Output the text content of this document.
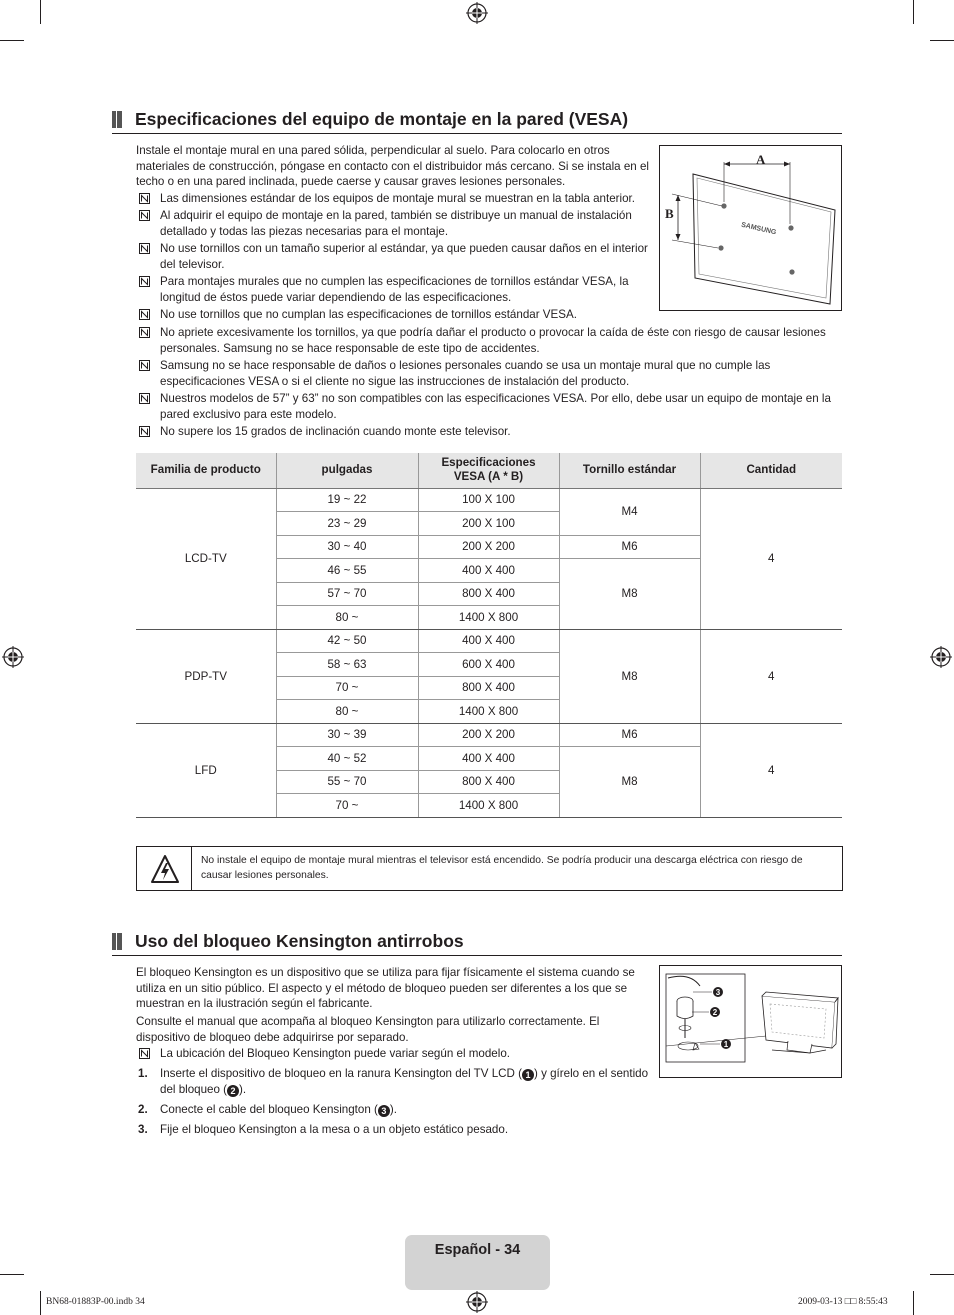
Especificaciones del equipo de montaje en la pared (VESA)
Instale el montaje mural en una pared sólida, perpendicular al suelo. Para colocarlo en otros materiales de construcción, póngase en contacto con el distribuidor más cercano. Si se instala en el techo o en una pared inclinada, puede caerse y causar graves lesiones personales.
Las dimensiones estándar de los equipos de montaje mural se muestran en la tabla anterior.
Al adquirir el equipo de montaje en la pared, también se distribuye un manual de instalación detallado y todas las piezas necesarias para el montaje.
No use tornillos con un tamaño superior al estándar, ya que pueden causar daños en el interior del televisor.
Para montajes murales que no cumplen las especificaciones de tornillos estándar VESA, la longitud de éstos puede variar dependiendo de las especificaciones.
No use tornillos que no cumplan las especificaciones de tornillos estándar VESA.
No apriete excesivamente los tornillos, ya que podría dañar el producto o provocar la caída de éste con riesgo de causar lesiones personales. Samsung no se hace responsable de este tipo de accidentes.
Samsung no se hace responsable de daños o lesiones personales cuando se usa un montaje mural que no cumple las especificaciones VESA o si el cliente no sigue las instrucciones de instalación del producto.
Nuestros modelos de 57” y 63” no son compatibles con las especificaciones VESA. Por ello, debe usar un equipo de montaje en la pared exclusivo para este modelo.
No supere los 15 grados de inclinación cuando monte este televisor.
A
B
SAMSUNG
Familia de producto	pulgadas	Especificaciones VESA (A * B)	Tornillo estándar	Cantidad
LCD-TV	19 ~ 22	100 X 100	M4	4
	23 ~ 29	200 X 100		
	30 ~ 40	200 X 200	M6	
	46 ~ 55	400 X 400	M8	
	57 ~ 70	800 X 400		
	80 ~	1400 X 800		
PDP-TV	42 ~ 50	400 X 400	M8	4
	58 ~ 63	600 X 400		
	70 ~	800 X 400		
	80 ~	1400 X 800		
LFD	30 ~ 39	200 X 200	M6	4
	40 ~ 52	400 X 400	M8	
	55 ~ 70	800 X 400		
	70 ~	1400 X 800		
No instale el equipo de montaje mural mientras el televisor está encendido. Se podría producir una descarga eléctrica con riesgo de causar lesiones personales.
Uso del bloqueo Kensington antirrobos
El bloqueo Kensington es un dispositivo que se utiliza para fijar físicamente el sistema cuando se utiliza en un sitio público. El aspecto y el método de bloqueo pueden ser diferentes a los que se muestran en la ilustración según el fabricante.
Consulte el manual que acompaña al bloqueo Kensington para utilizarlo correctamente. El dispositivo de bloqueo debe adquirirse por separado.
La ubicación del Bloqueo Kensington puede variar según el modelo.
1. Inserte el dispositivo de bloqueo en la ranura Kensington del TV LCD ( 1 ) y gírelo en el sentido del bloqueo ( 2 ).
2. Conecte el cable del bloqueo Kensington ( 3 ).
3. Fije el bloqueo Kensington a la mesa o a un objeto estático pesado.
3
2
1
Español - 34
BN68-01883P-00.indb 34	2009-03-13 □□ 8:55:43
